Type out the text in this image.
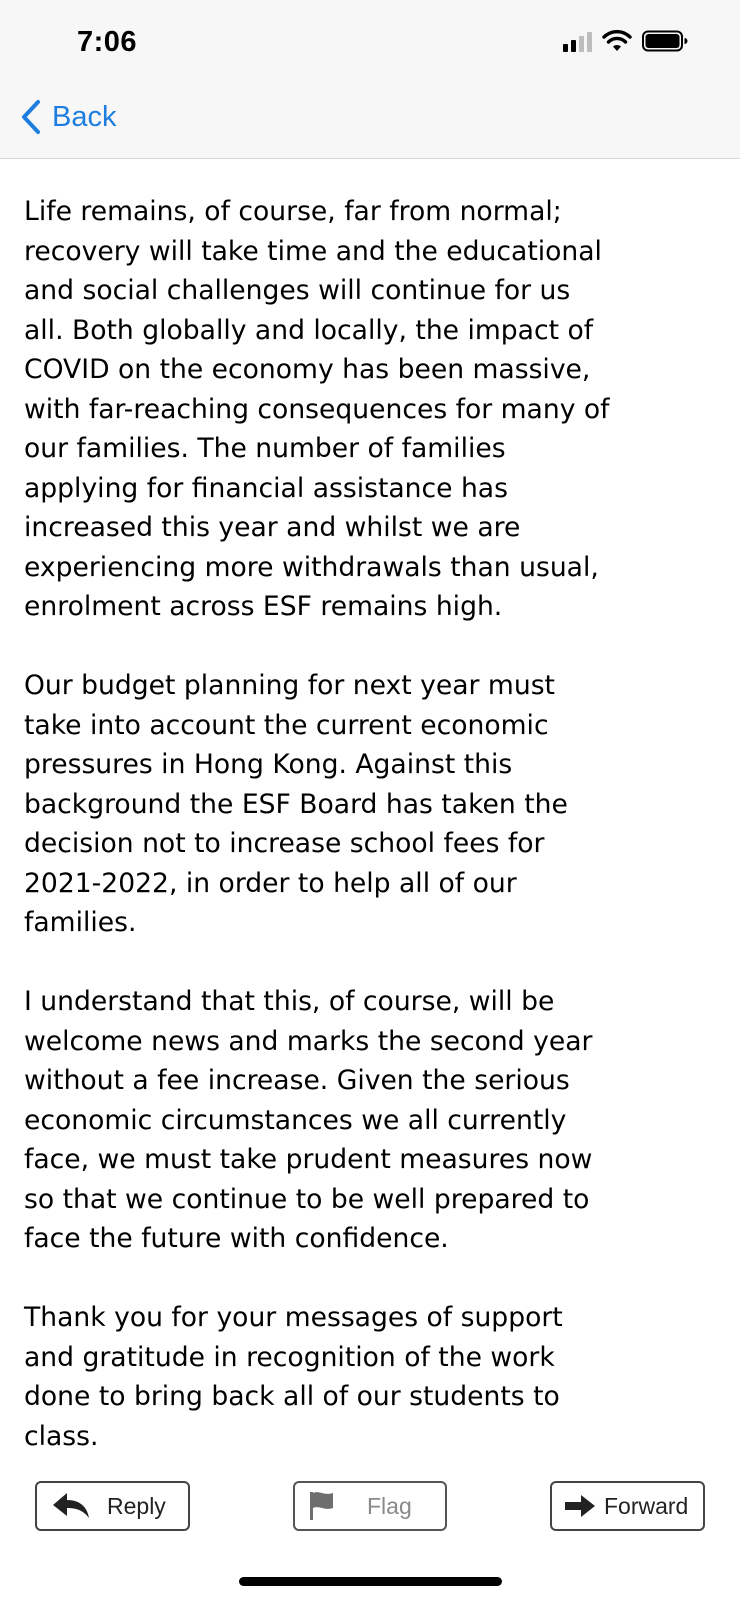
7:06
Back

Life remains, of course, far from normal;
recovery will take time and the educational
and social challenges will continue for us
all. Both globally and locally, the impact of
COVID on the economy has been massive,
with far-reaching consequences for many of
our families. The number of families
applying for financial assistance has
increased this year and whilst we are
experiencing more withdrawals than usual,
enrolment across ESF remains high.

Our budget planning for next year must
take into account the current economic
pressures in Hong Kong. Against this
background the ESF Board has taken the
decision not to increase school fees for
2021-2022, in order to help all of our
families.

I understand that this, of course, will be
welcome news and marks the second year
without a fee increase. Given the serious
economic circumstances we all currently
face, we must take prudent measures now
so that we continue to be well prepared to
face the future with confidence.

Thank you for your messages of support
and gratitude in recognition of the work
done to bring back all of our students to
class.

Reply	Flag	Forward
